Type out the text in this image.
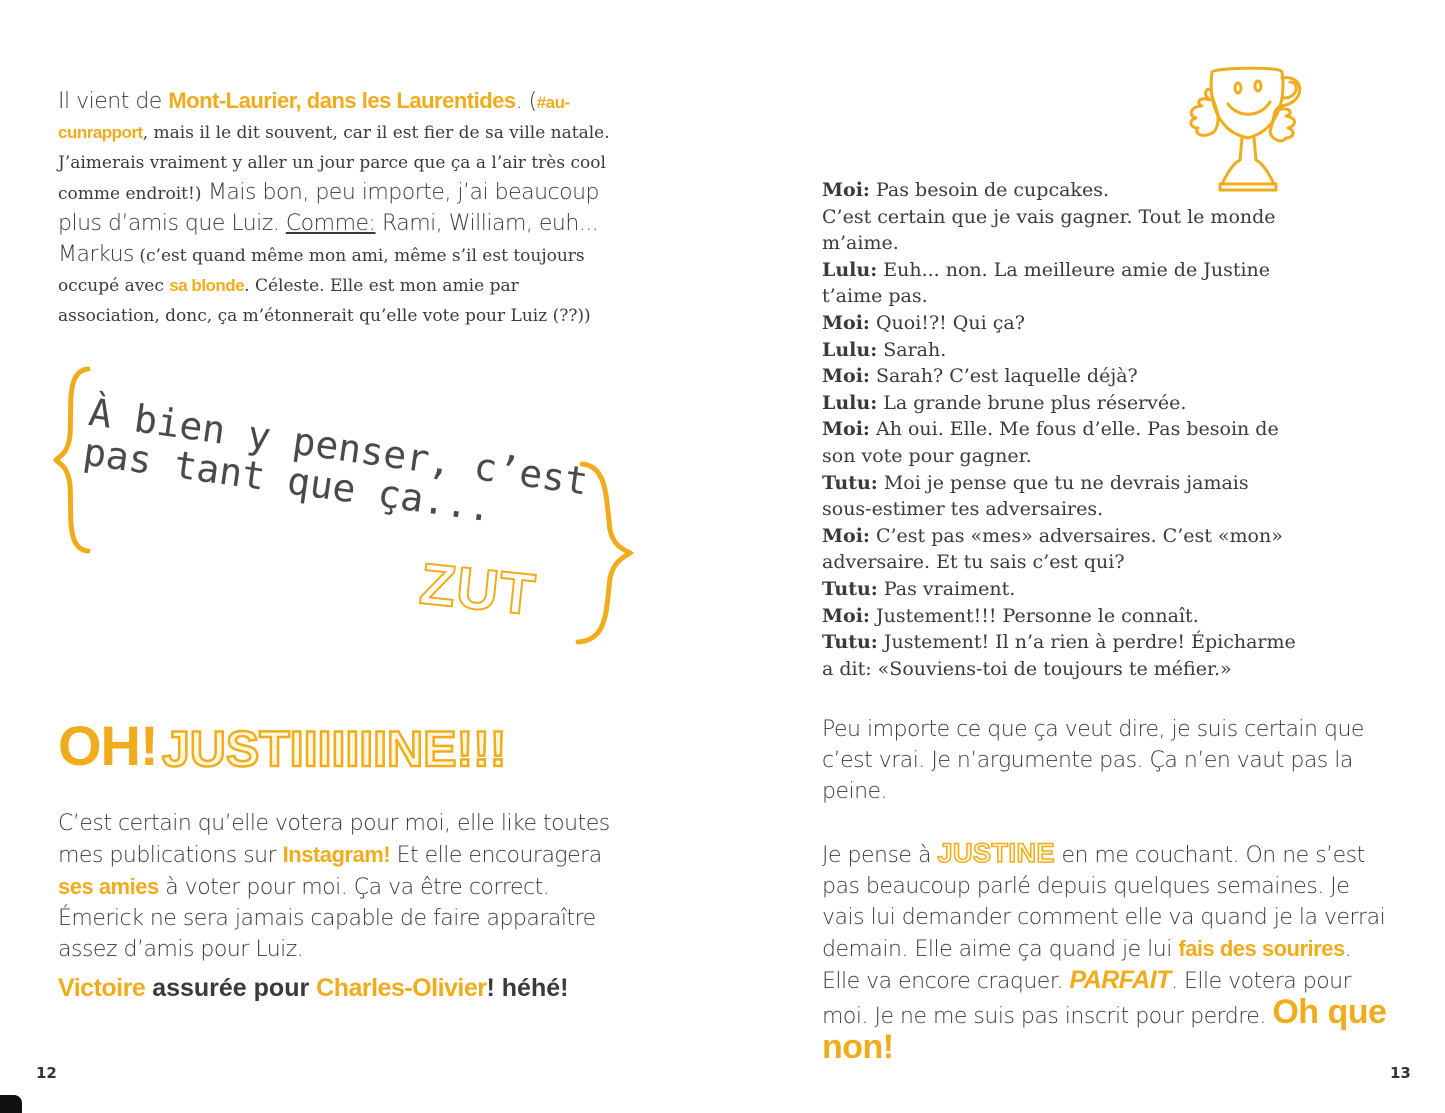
Il vient de Mont-Laurier, dans les Laurentides. (#au-cunrapport, mais il le dit souvent, car il est fier de sa ville natale. J’aimerais vraiment y aller un jour parce que ça a l’air très cool comme endroit!) Mais bon, peu importe, j’ai beaucoup plus d’amis que Luiz. Comme: Rami, William, euh... Markus (c’est quand même mon ami, même s’il est toujours occupé avec sa blonde. Céleste. Elle est mon amie par association, donc, ça m’étonnerait qu’elle vote pour Luiz (??))
À bien y penser, c’est pas tant que ça...
ZUT
OH! JUSTIIIIIIINE!!!
C’est certain qu’elle votera pour moi, elle like toutes mes publications sur Instagram! Et elle encouragera ses amies à voter pour moi. Ça va être correct. Émerick ne sera jamais capable de faire apparaître assez d’amis pour Luiz.
Victoire assurée pour Charles-Olivier! héhé!
12
Moi: Pas besoin de cupcakes.
C’est certain que je vais gagner. Tout le monde
m’aime.
Lulu: Euh... non. La meilleure amie de Justine
t’aime pas.
Moi: Quoi!?! Qui ça?
Lulu: Sarah.
Moi: Sarah? C’est laquelle déjà?
Lulu: La grande brune plus réservée.
Moi: Ah oui. Elle. Me fous d’elle. Pas besoin de
son vote pour gagner.
Tutu: Moi je pense que tu ne devrais jamais
sous-estimer tes adversaires.
Moi: C’est pas «mes» adversaires. C’est «mon»
adversaire. Et tu sais c’est qui?
Tutu: Pas vraiment.
Moi: Justement!!! Personne le connaît.
Tutu: Justement! Il n’a rien à perdre! Épicharme
a dit: «Souviens-toi de toujours te méfier.»
Peu importe ce que ça veut dire, je suis certain que c’est vrai. Je n’argumente pas. Ça n’en vaut pas la peine.
Je pense à JUSTINE en me couchant. On ne s’est pas beaucoup parlé depuis quelques semaines. Je vais lui demander comment elle va quand je la verrai demain. Elle aime ça quand je lui fais des sourires. Elle va encore craquer. PARFAIT. Elle votera pour moi. Je ne me suis pas inscrit pour perdre. Oh que non!
13
